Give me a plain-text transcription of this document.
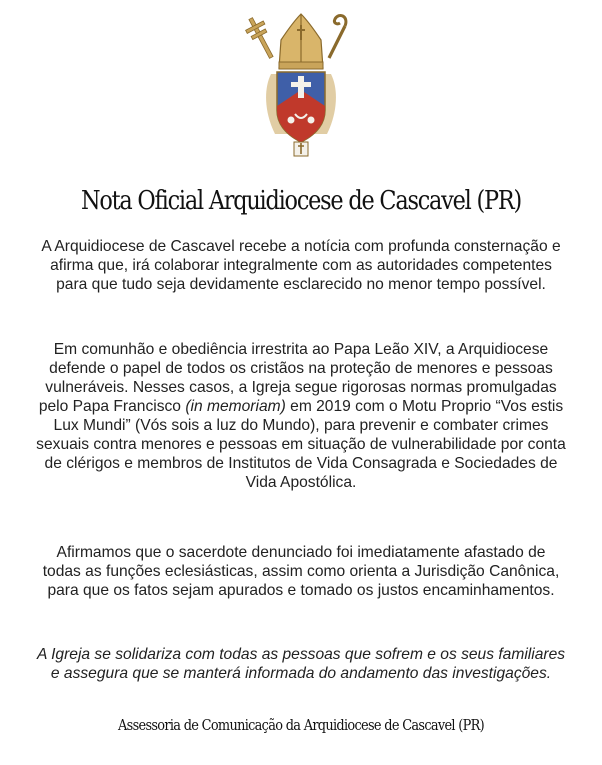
Nota Oficial Arquidiocese de Cascavel (PR)

A Arquidiocese de Cascavel recebe a notícia com profunda consternação e afirma que, irá colaborar integralmente com as autoridades competentes para que tudo seja devidamente esclarecido no menor tempo possível.

Em comunhão e obediência irrestrita ao Papa Leão XIV, a Arquidiocese defende o papel de todos os cristãos na proteção de menores e pessoas vulneráveis. Nesses casos, a Igreja segue rigorosas normas promulgadas pelo Papa Francisco (in memoriam) em 2019 com o Motu Proprio “Vos estis Lux Mundi” (Vós sois a luz do Mundo), para prevenir e combater crimes sexuais contra menores e pessoas em situação de vulnerabilidade por conta de clérigos e membros de Institutos de Vida Consagrada e Sociedades de Vida Apostólica.

Afirmamos que o sacerdote denunciado foi imediatamente afastado de todas as funções eclesiásticas, assim como orienta a Jurisdição Canônica, para que os fatos sejam apurados e tomado os justos encaminhamentos.

A Igreja se solidariza com todas as pessoas que sofrem e os seus familiares e assegura que se manterá informada do andamento das investigações.

Assessoria de Comunicação da Arquidiocese de Cascavel (PR)
